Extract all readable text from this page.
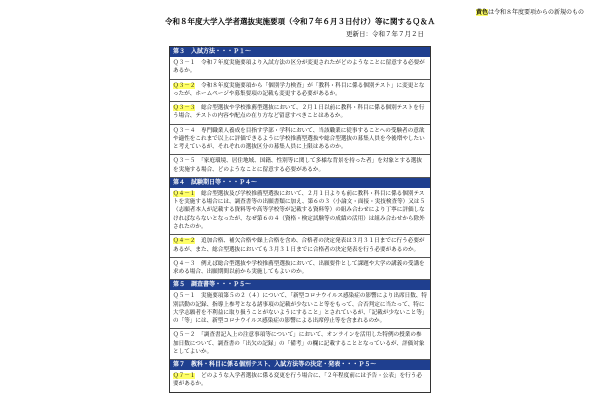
黄色は令和８年度要項からの新規のもの
令和８年度大学入学者選抜実施要項（令和７年６月３日付け）等に関するＱ＆Ａ
更新日：令和７年７月２日
第３　入試方法・・・Ｐ１～
Ｑ３－１　 令和７年度実施要項より入試方法の区分が変更されたがどのようなことに留意する必要があるか。
Ｑ３－２　 令和８年度実施要項から「個別学力検査」が「教科・科目に係る個別テスト」に変更となったが、ホームページや募集要項の記載も変更する必要があるか。
Ｑ３－３　 総合型選抜や学校推薦型選抜において、２月１日以前に教科・科目に係る個別テストを行う場合、テストの内容や配点の在り方など留意すべきことはあるか。
Ｑ３－４　 専門職業人養成を目指す学部・学科において、当該職業に従事することへの受験者の意欲や適性をこれまで以上に評価できるように学校推薦型選抜や総合型選抜の募集人員を今後増やしたいと考えているが、それぞれの選抜区分の募集人員に上限はあるのか。
Ｑ３－５　 「家庭環境、居住地域、国籍、性別等に関して多様な背景を持った者」を対象とする選抜を実施する場合、どのようなことに留意する必要があるか。
第４　試験期日等・・・Ｐ４～
Ｑ４－１　 総合型選抜及び学校推薦型選抜において、２月１日よりも前に教科・科目に係る個別テストを実施する場合には、調査書等の出願書類に加え、第６の３（小論文・面接・実技検査等）又は５（志願者本人が記載する資料等や高等学校等が記載する資料等）の組み合わせにより丁寧に評価しなければならないとなったが、なぜ第６の４（資格・検定試験等の成績の活用）は組み合わせから除外されたのか。
Ｑ４－２　 追加合格、補欠合格や繰上合格を含め、合格者の決定発表は３月３１日までに行う必要があるが、また、総合型選抜においても３月３１日までに合格者の決定発表を行う必要があるのか。
Ｑ４－３　 例えば総合型選抜や学校推薦型選抜において、出願要件として課題や大学の講義の受講を求める場合、出願期間以前から実施してもよいのか。
第５　調査書等・・・Ｐ５～
Ｑ５－１　 実施要項第５の２（４）について、「新型コロナウイルス感染症の影響により出席日数、特別活動の記録、指導上参考となる諸事項の記載が少ないこと等をもって、合否判定に当たって、特に大学志願者を不利益に取り扱うことがないようにすること」とされているが、「記載が少ないこと等」の「等」には、新型コロナウイルス感染症の影響による出席停止等を含まれるのか。
Ｑ５－２　 「調査書記入上の注意事項等について」において、オンラインを活用した特例の授業の参加日数について、調査書の「出欠の記録」の「備考」の欄に記載することとなっているが、評価対象としてよいか。
第７　教科・科目に係る個別テスト、入試方法等の決定・発表・・・Ｐ５～
Ｑ７－１　 どのような入学者選抜に係る変更を行う場合に、「２年程度前には予告・公表」を行う必要があるか。
